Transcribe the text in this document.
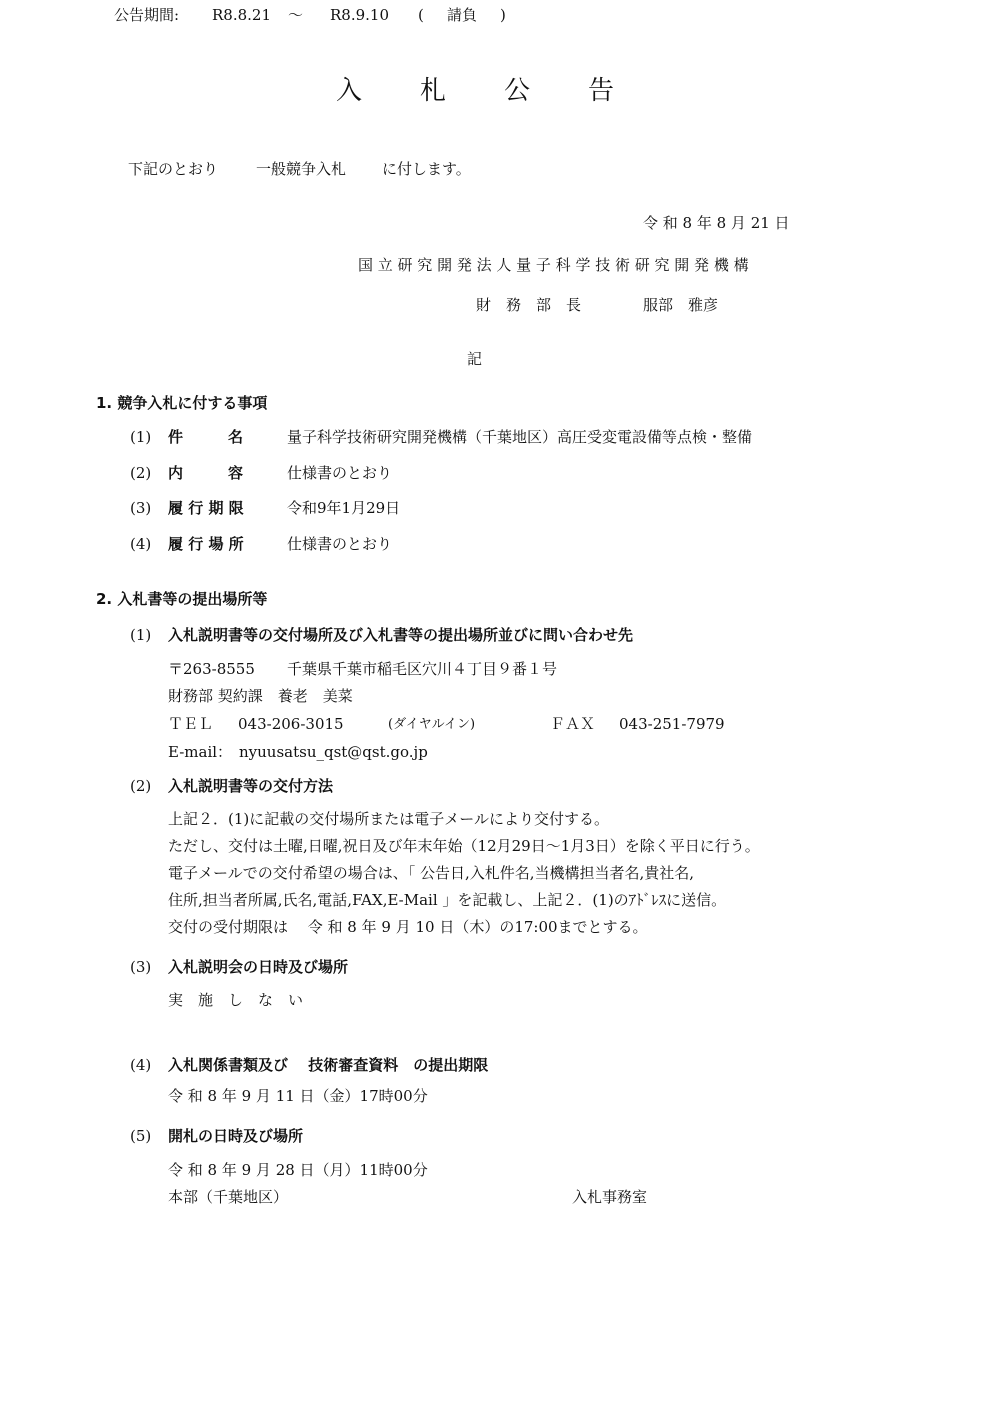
公告期間: R8.8.21 ～ R8.9.10 ( 請負 )
入 札 公 告
下記のとおり	一般競争入札 に付します。
令 和 8 年 8 月 21 日
国 立 研 究 開 発 法 人 量 子 科 学 技 術 研 究 開 発 機 構
財　務　部　長	服部　雅彦
記
1. 競争入札に付する事項
(1) 件　　　名	量子科学技術研究開発機構（千葉地区）高圧受変電設備等点検・整備
(2) 内　　　容	仕様書のとおり
(3) 履 行 期 限	令和9年1月29日
(4) 履 行 場 所	仕様書のとおり
2. 入札書等の提出場所等
(1) 入札説明書等の交付場所及び入札書等の提出場所並びに問い合わせ先
〒263-8555 千葉県千葉市稲毛区穴川４丁目９番１号
財務部 契約課　養老　美菜
ＴＥＬ 043-206-3015	(ダイヤルイン)	ＦＡＸ 043-251-7979
E-mail： nyuusatsu_qst@qst.go.jp
(2) 入札説明書等の交付方法
上記２．(1)に記載の交付場所または電子メールにより交付する。
ただし、交付は土曜,日曜,祝日及び年末年始（12月29日～1月3日）を除く平日に行う。
電子メールでの交付希望の場合は、「 公告日,入札件名,当機構担当者名,貴社名,
住所,担当者所属,氏名,電話,FAX,E-Mail 」を記載し、上記２．(1)のｱﾄﾞﾚｽに送信。
交付の受付期限は　 令 和 8 年 9 月 10 日（木）の17:00までとする。
(3) 入札説明会の日時及び場所
実　施　し　な　い
(4) 入札関係書類及び　 技術審査資料　の提出期限
令 和 8 年 9 月 11 日（金）17時00分
(5) 開札の日時及び場所
令 和 8 年 9 月 28 日（月）11時00分
本部（千葉地区）	入札事務室
